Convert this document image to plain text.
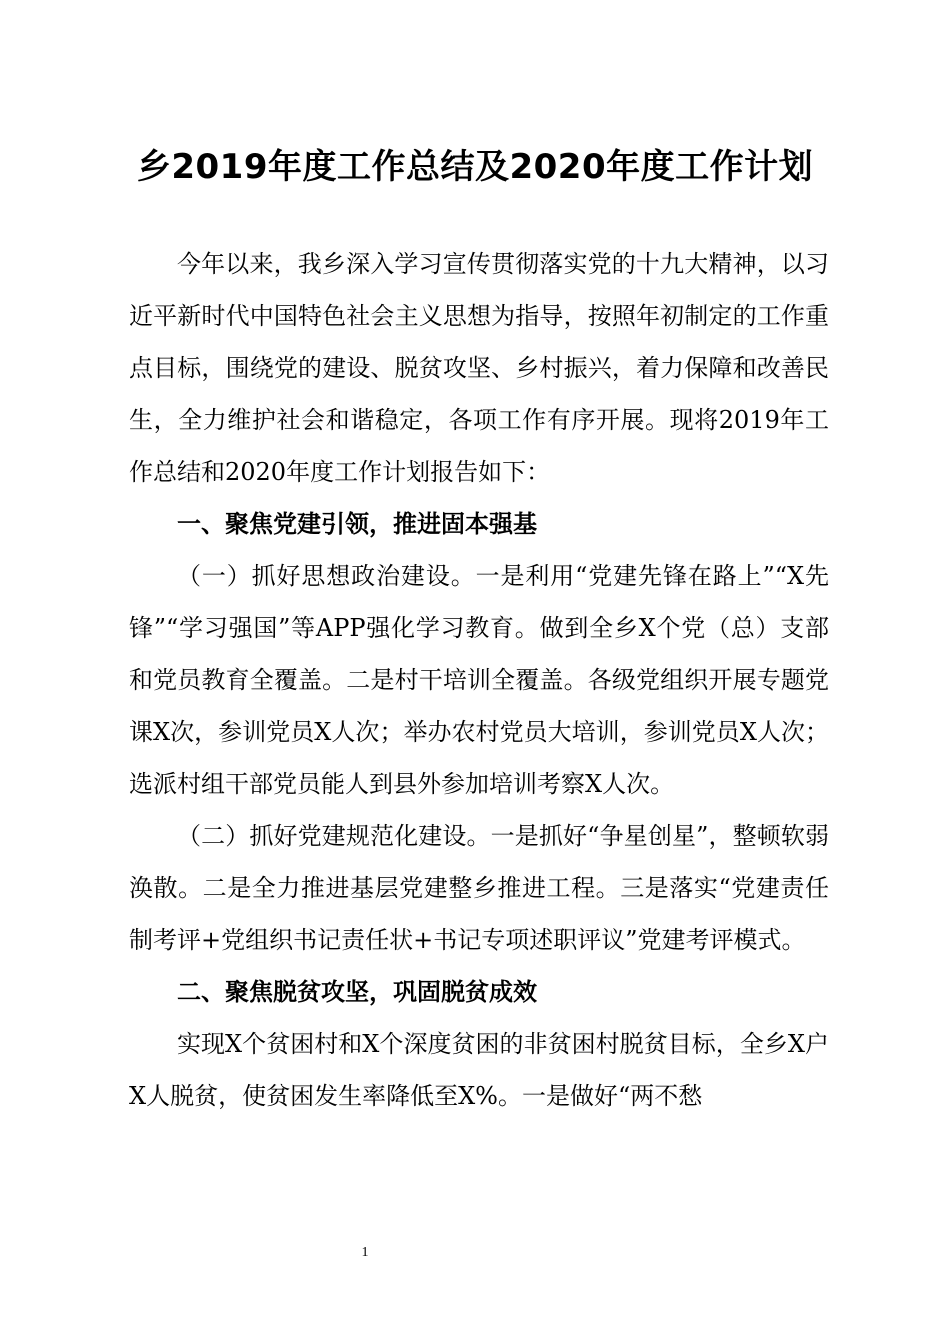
乡2019年度工作总结及2020年度工作计划

今年以来，我乡深入学习宣传贯彻落实党的十九大精神，以习近平新时代中国特色社会主义思想为指导，按照年初制定的工作重点目标，围绕党的建设、脱贫攻坚、乡村振兴，着力保障和改善民生，全力维护社会和谐稳定，各项工作有序开展。现将2019年工作总结和2020年度工作计划报告如下：

一、聚焦党建引领，推进固本强基

（一）抓好思想政治建设。一是利用“党建先锋在路上”“X先锋”“学习强国”等APP强化学习教育。做到全乡X个党（总）支部和党员教育全覆盖。二是村干培训全覆盖。各级党组织开展专题党课X次，参训党员X人次；举办农村党员大培训，参训党员X人次；选派村组干部党员能人到县外参加培训考察X人次。

（二）抓好党建规范化建设。一是抓好“争星创星”，整顿软弱涣散。二是全力推进基层党建整乡推进工程。三是落实“党建责任制考评+党组织书记责任状+书记专项述职评议”党建考评模式。

二、聚焦脱贫攻坚，巩固脱贫成效

实现X个贫困村和X个深度贫困的非贫困村脱贫目标，全乡X户X人脱贫，使贫困发生率降低至X%。一是做好“两不愁

1
